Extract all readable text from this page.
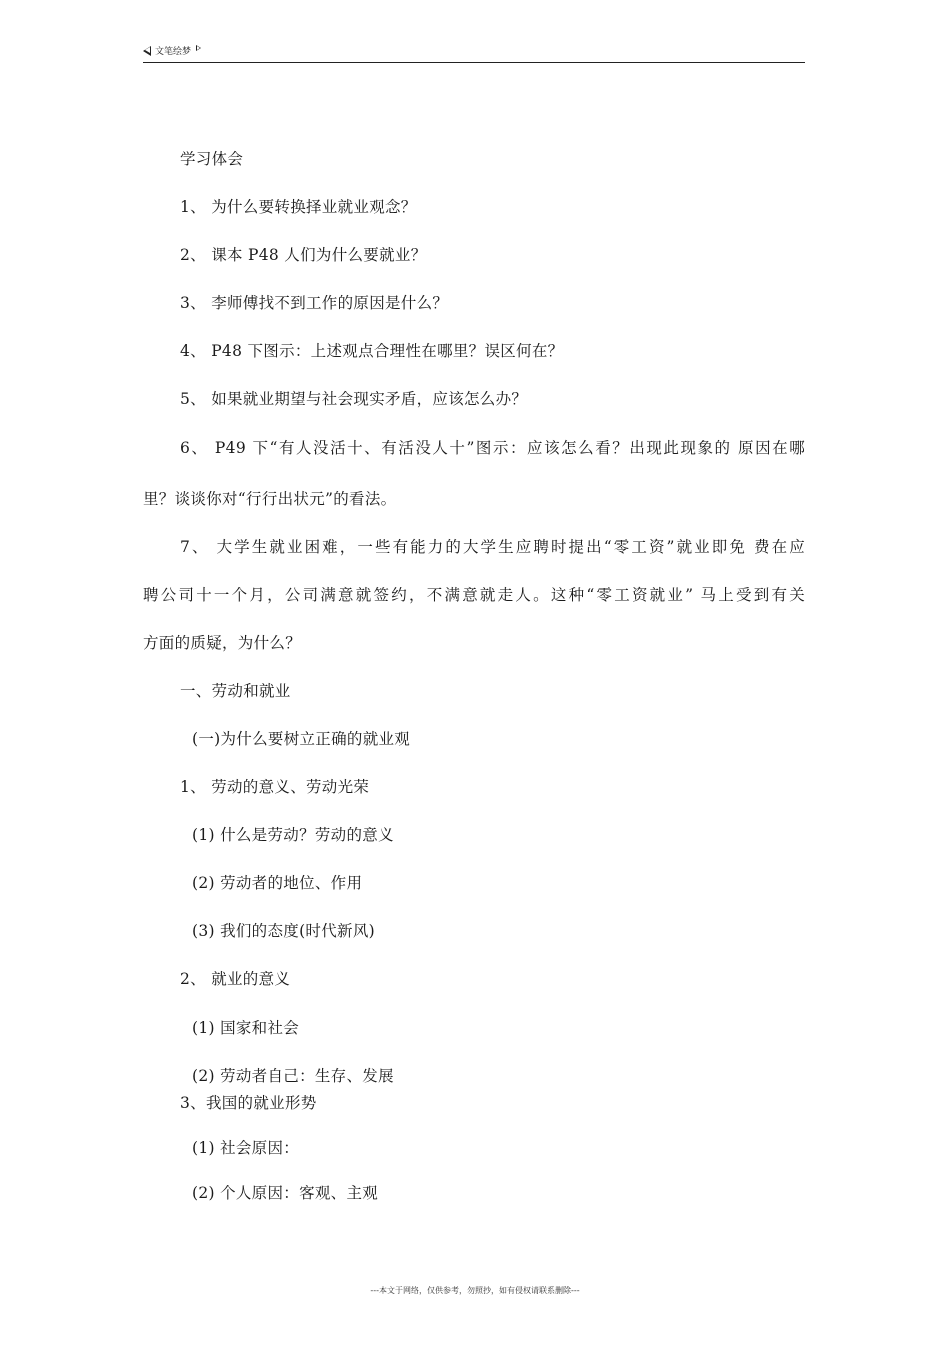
文笔绘梦
学习体会
1、 为什么要转换择业就业观念？
2、 课本 P48 人们为什么要就业？
3、 李师傅找不到工作的原因是什么？
4、 P48 下图示：上述观点合理性在哪里？误区何在？
5、 如果就业期望与社会现实矛盾，应该怎么办？
6、 P49 下“有人没活十、有活没人十”图示：应该怎么看？出现此现象的 原因在哪
里？谈谈你对“行行出状元”的看法。
7、 大学生就业困难，一些有能力的大学生应聘时提出“零工资”就业即免 费在应
聘公司十一个月，公司满意就签约，不满意就走人。这种“零工资就业” 马上受到有关
方面的质疑，为什么？
一、劳动和就业
(一)为什么要树立正确的就业观
1、 劳动的意义、劳动光荣
(1) 什么是劳动？劳动的意义
(2) 劳动者的地位、作用
(3) 我们的态度(时代新风)
2、 就业的意义
(1) 国家和社会
(2) 劳动者自己：生存、发展
3、我国的就业形势
(1) 社会原因：
(2) 个人原因：客观、主观
---本文于网络，仅供参考，勿照抄，如有侵权请联系删除---
